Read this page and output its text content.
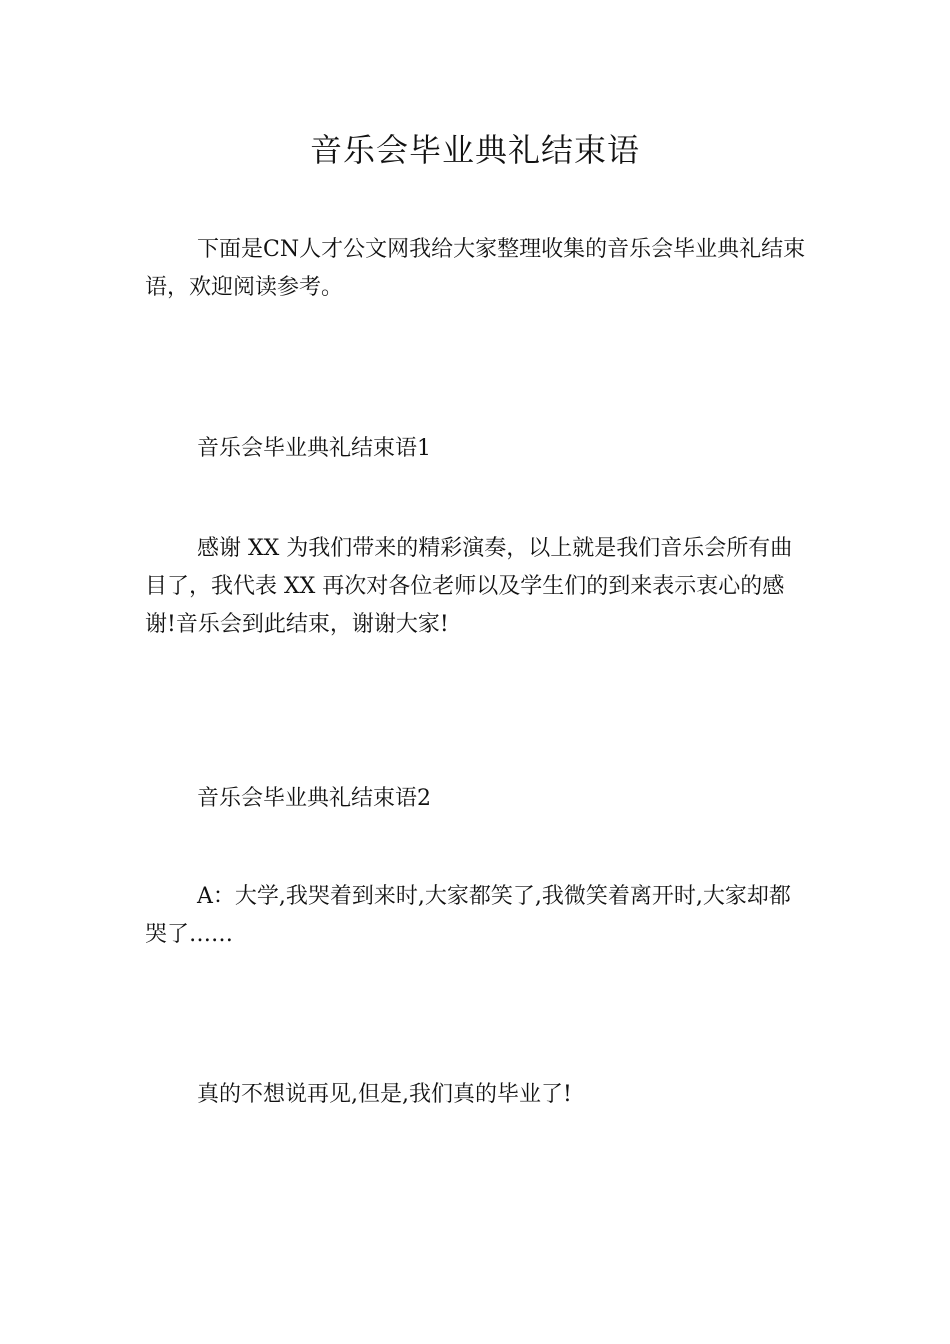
音乐会毕业典礼结束语

下面是CN人才公文网我给大家整理收集的音乐会毕业典礼结束语，欢迎阅读参考。

音乐会毕业典礼结束语1

感谢 XX 为我们带来的精彩演奏，以上就是我们音乐会所有曲目了，我代表 XX 再次对各位老师以及学生们的到来表示衷心的感谢!音乐会到此结束，谢谢大家!

音乐会毕业典礼结束语2

A：大学,我哭着到来时,大家都笑了,我微笑着离开时,大家却都哭了……

真的不想说再见,但是,我们真的毕业了!
